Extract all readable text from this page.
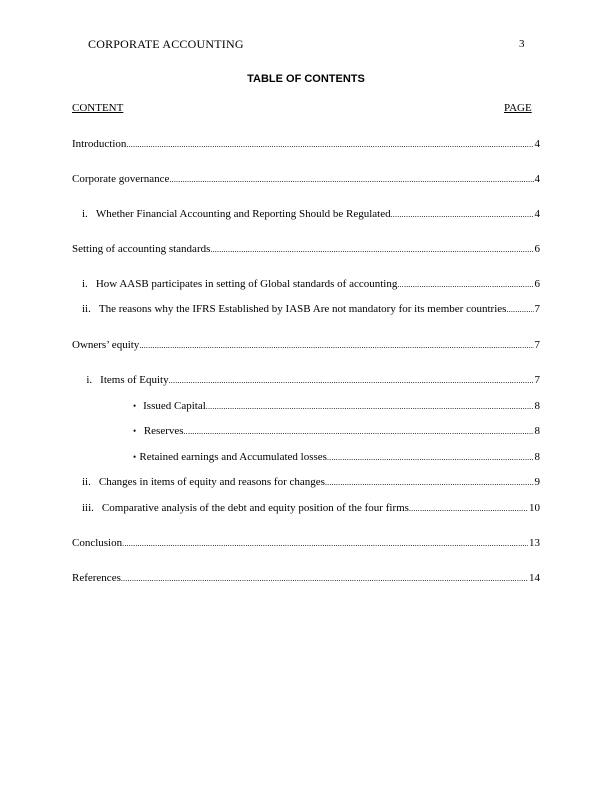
CORPORATE ACCOUNTING	3
TABLE OF CONTENTS
CONTENT	PAGE
Introduction .....	4
Corporate governance .....	4
i. Whether Financial Accounting and Reporting Should be Regulated .....	4
Setting of accounting standards .....	6
i. How AASB participates in setting of Global standards of accounting .....	6
ii. The reasons why the IFRS Established by IASB Are not mandatory for its member countries .....	7
Owners’ equity .....	7
i. Items of Equity .....	7
• Issued Capital .....	8
• Reserves .....	8
• Retained earnings and Accumulated losses .....	8
ii. Changes in items of equity and reasons for changes .....	9
iii. Comparative analysis of the debt and equity position of the four firms .....	10
Conclusion .....	13
References .....	14
